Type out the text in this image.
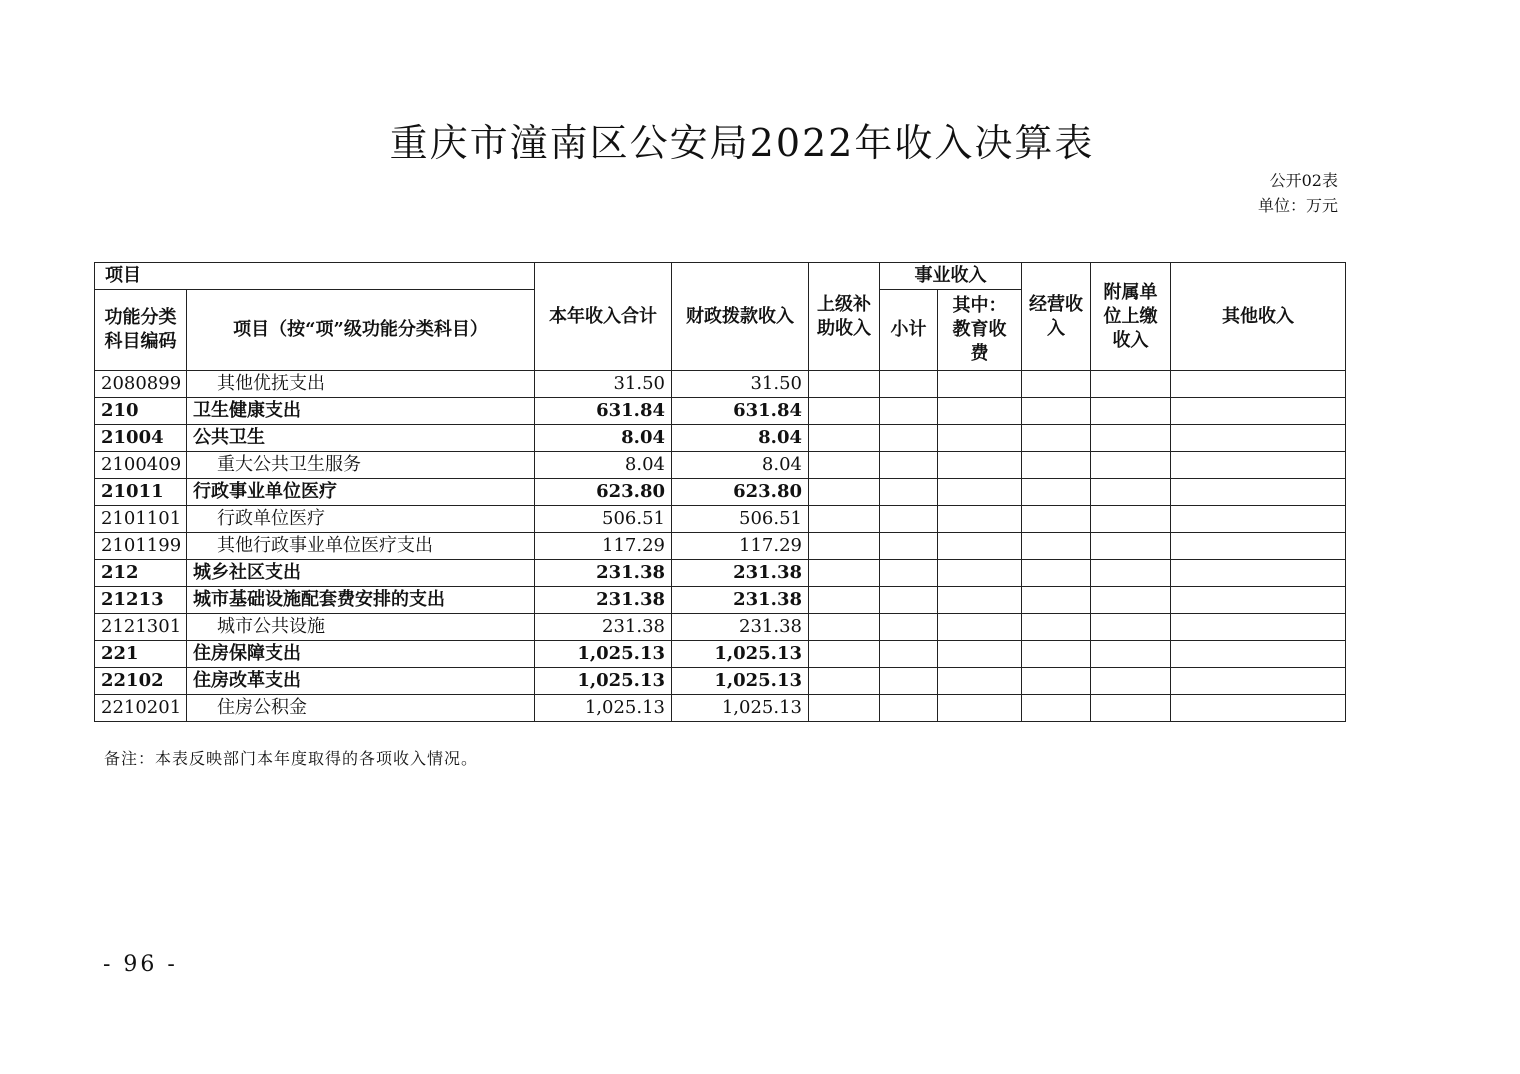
重庆市潼南区公安局2022年收入决算表
公开02表
单位：万元
项目		本年收入合计	财政拨款收入	上级补助收入	事业收入		经营收入	附属单位上缴收入	其他收入
功能分类科目编码	项目（按“项”级功能分类科目）				小计	其中：教育收费			
2080899	其他优抚支出	31.50	31.50						
210	卫生健康支出	631.84	631.84						
21004	公共卫生	8.04	8.04						
2100409	重大公共卫生服务	8.04	8.04						
21011	行政事业单位医疗	623.80	623.80						
2101101	行政单位医疗	506.51	506.51						
2101199	其他行政事业单位医疗支出	117.29	117.29						
212	城乡社区支出	231.38	231.38						
21213	城市基础设施配套费安排的支出	231.38	231.38						
2121301	城市公共设施	231.38	231.38						
221	住房保障支出	1,025.13	1,025.13						
22102	住房改革支出	1,025.13	1,025.13						
2210201	住房公积金	1,025.13	1,025.13						
备注：本表反映部门本年度取得的各项收入情况。
- 96 -
